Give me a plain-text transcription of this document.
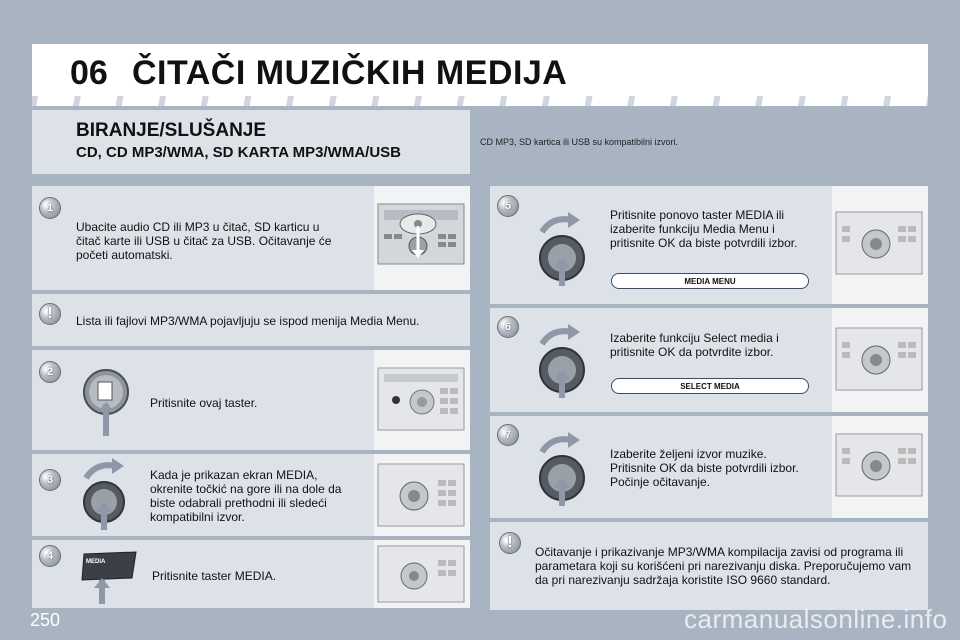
06 ČITAČI MUZIČKIH MEDIJA
BIRANJE/SLUŠANJE
CD, CD MP3/WMA, SD KARTA MP3/WMA/USB
CD MP3, SD kartica ili USB su kompatibilni izvori.
1
Ubacite audio CD ili MP3 u čitač, SD karticu u čitač karte ili USB u čitač za USB. Očitavanje će početi automatski.
!	Lista ili fajlovi MP3/WMA pojavljuju se ispod menija Media Menu.
2
Pritisnite ovaj taster.
3	Kada je prikazan ekran MEDIA, okrenite točkić na gore ili na dole da biste odabrali prethodni ili sledeći kompatibilni izvor.
4	MEDIA
Pritisnite taster MEDIA.
5
Pritisnite ponovo taster MEDIA ili izaberite funkciju Media Menu i pritisnite OK da biste potvrdili izbor.
MEDIA MENU
6
Izaberite funkciju Select media i pritisnite OK da potvrdite izbor.
SELECT MEDIA
7
Izaberite željeni izvor muzike. Pritisnite OK da biste potvrdili izbor. Počinje očitavanje.
!
Očitavanje i prikazivanje MP3/WMA kompilacija zavisi od programa ili parametara koji su korišćeni pri narezivanju diska. Preporučujemo vam da pri narezivanju sadržaja koristite ISO 9660 standard.
250	carmanualsonline.info
